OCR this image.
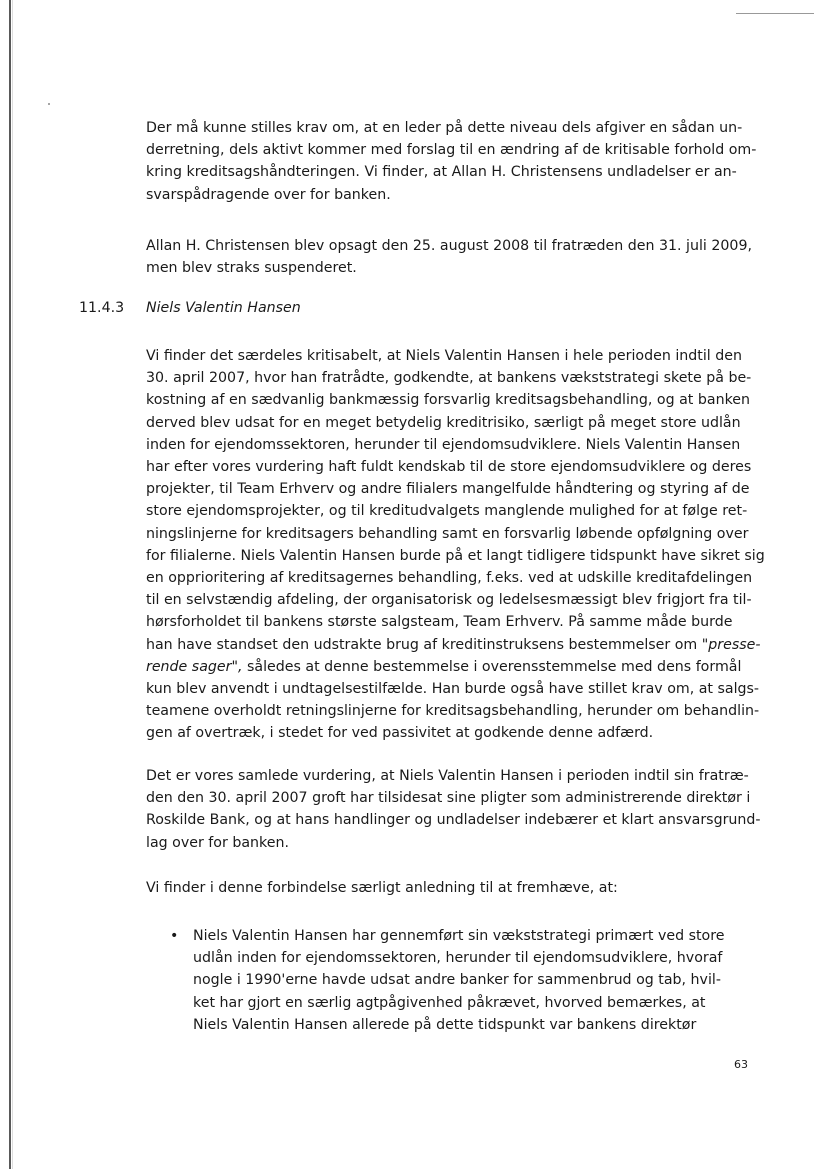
Der må kunne stilles krav om, at en leder på dette niveau dels afgiver en sådan un-
derretning, dels aktivt kommer med forslag til en ændring af de kritisable forhold om-
kring kreditsagshåndteringen. Vi finder, at Allan H. Christensens undladelser er an-
svarspådragende over for banken.

Allan H. Christensen blev opsagt den 25. august 2008 til fratræden den 31. juli 2009,
men blev straks suspenderet.

11.4.3 Niels Valentin Hansen

Vi finder det særdeles kritisabelt, at Niels Valentin Hansen i hele perioden indtil den
30. april 2007, hvor han fratrådte, godkendte, at bankens vækststrategi skete på be-
kostning af en sædvanlig bankmæssig forsvarlig kreditsagsbehandling, og at banken
derved blev udsat for en meget betydelig kreditrisiko, særligt på meget store udlån
inden for ejendomssektoren, herunder til ejendomsudviklere. Niels Valentin Hansen
har efter vores vurdering haft fuldt kendskab til de store ejendomsudviklere og deres
projekter, til Team Erhverv og andre filialers mangelfulde håndtering og styring af de
store ejendomsprojekter, og til kreditudvalgets manglende mulighed for at følge ret-
ningslinjerne for kreditsagers behandling samt en forsvarlig løbende opfølgning over
for filialerne. Niels Valentin Hansen burde på et langt tidligere tidspunkt have sikret sig
en opprioritering af kreditsagernes behandling, f.eks. ved at udskille kreditafdelingen
til en selvstændig afdeling, der organisatorisk og ledelsesmæssigt blev frigjort fra til-
hørsforholdet til bankens største salgsteam, Team Erhverv. På samme måde burde
han have standset den udstrakte brug af kreditinstruksens bestemmelser om "presse-
rende sager", således at denne bestemmelse i overensstemmelse med dens formål
kun blev anvendt i undtagelsestilfælde. Han burde også have stillet krav om, at salgs-
teamene overholdt retningslinjerne for kreditsagsbehandling, herunder om behandlin-
gen af overtræk, i stedet for ved passivitet at godkende denne adfærd.

Det er vores samlede vurdering, at Niels Valentin Hansen i perioden indtil sin fratræ-
den den 30. april 2007 groft har tilsidesat sine pligter som administrerende direktør i
Roskilde Bank, og at hans handlinger og undladelser indebærer et klart ansvarsgrund-
lag over for banken.

Vi finder i denne forbindelse særligt anledning til at fremhæve, at:

• Niels Valentin Hansen har gennemført sin vækststrategi primært ved store
udlån inden for ejendomssektoren, herunder til ejendomsudviklere, hvoraf
nogle i 1990'erne havde udsat andre banker for sammenbrud og tab, hvil-
ket har gjort en særlig agtpågivenhed påkrævet, hvorved bemærkes, at
Niels Valentin Hansen allerede på dette tidspunkt var bankens direktør

63
